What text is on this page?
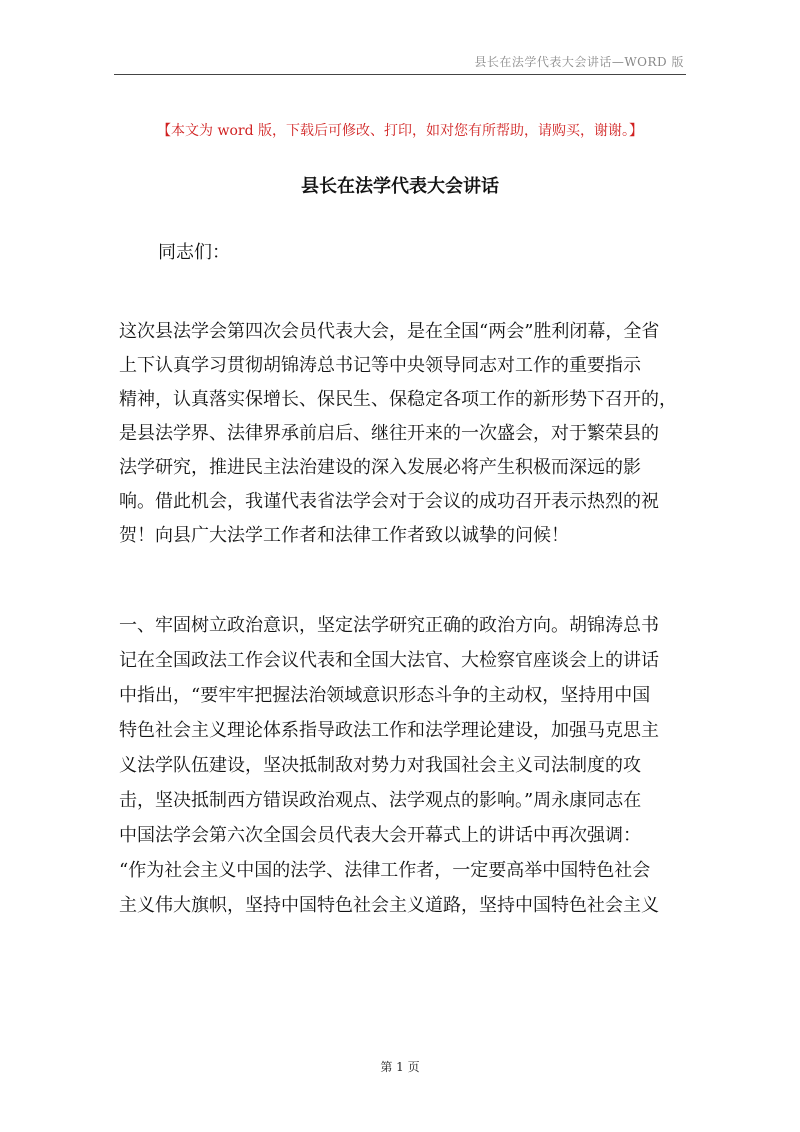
县长在法学代表大会讲话—WORD 版
【本文为 word 版，下载后可修改、打印，如对您有所帮助，请购买，谢谢。】
县长在法学代表大会讲话
同志们：
这次县法学会第四次会员代表大会，是在全国“两会”胜利闭幕，全省
上下认真学习贯彻胡锦涛总书记等中央领导同志对工作的重要指示
精神，认真落实保增长、保民生、保稳定各项工作的新形势下召开的，
是县法学界、法律界承前启后、继往开来的一次盛会，对于繁荣县的
法学研究，推进民主法治建设的深入发展必将产生积极而深远的影
响。借此机会，我谨代表省法学会对于会议的成功召开表示热烈的祝
贺！向县广大法学工作者和法律工作者致以诚挚的问候！
一、牢固树立政治意识，坚定法学研究正确的政治方向。胡锦涛总书
记在全国政法工作会议代表和全国大法官、大检察官座谈会上的讲话
中指出，“要牢牢把握法治领域意识形态斗争的主动权，坚持用中国
特色社会主义理论体系指导政法工作和法学理论建设，加强马克思主
义法学队伍建设，坚决抵制敌对势力对我国社会主义司法制度的攻
击，坚决抵制西方错误政治观点、法学观点的影响。”周永康同志在
中国法学会第六次全国会员代表大会开幕式上的讲话中再次强调：
“作为社会主义中国的法学、法律工作者，一定要高举中国特色社会
主义伟大旗帜，坚持中国特色社会主义道路，坚持中国特色社会主义
第 1 页
